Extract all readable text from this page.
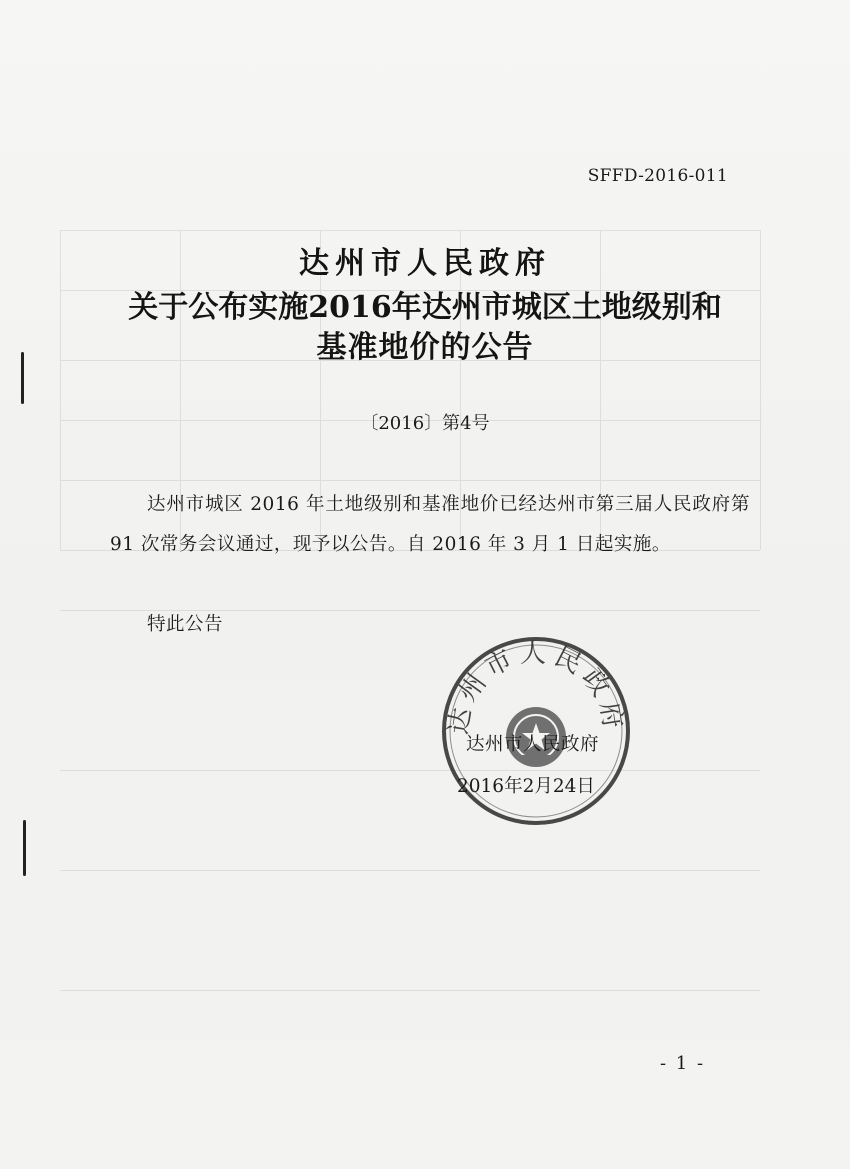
SFFD-2016-011
达州市人民政府
关于公布实施2016年达州市城区土地级别和
基准地价的公告
〔2016〕第4号
达州市城区 2016 年土地级别和基准地价已经达州市第三届人民政府第 91 次常务会议通过，现予以公告。自 2016 年 3 月 1 日起实施。
特此公告
达州市人民政府
达州市人民政府
2016年2月24日
- 1 -
